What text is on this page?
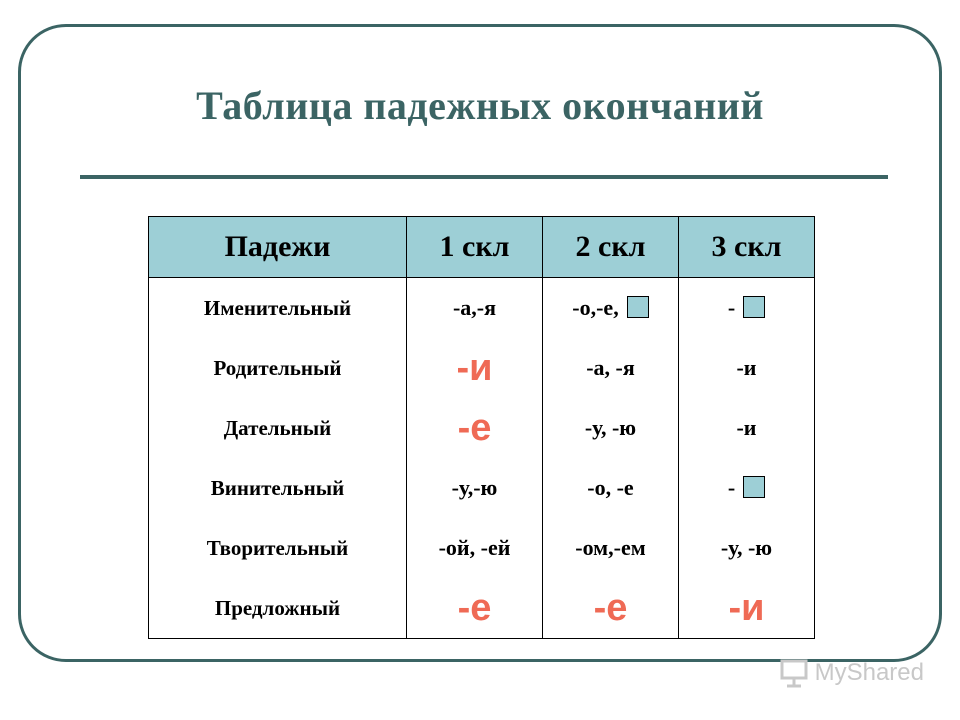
Таблица падежных окончаний
Падежи	1 скл	2 скл	3 скл
Именительный	-а,-я	-о,-е,	-
Родительный	-и	-а, -я	-и
Дательный	-е	-у, -ю	-и
Винительный	-у,-ю	-о, -е	-
Творительный	-ой, -ей	-ом,-ем	-у, -ю
Предложный	-е	-е	-и
MyShared
